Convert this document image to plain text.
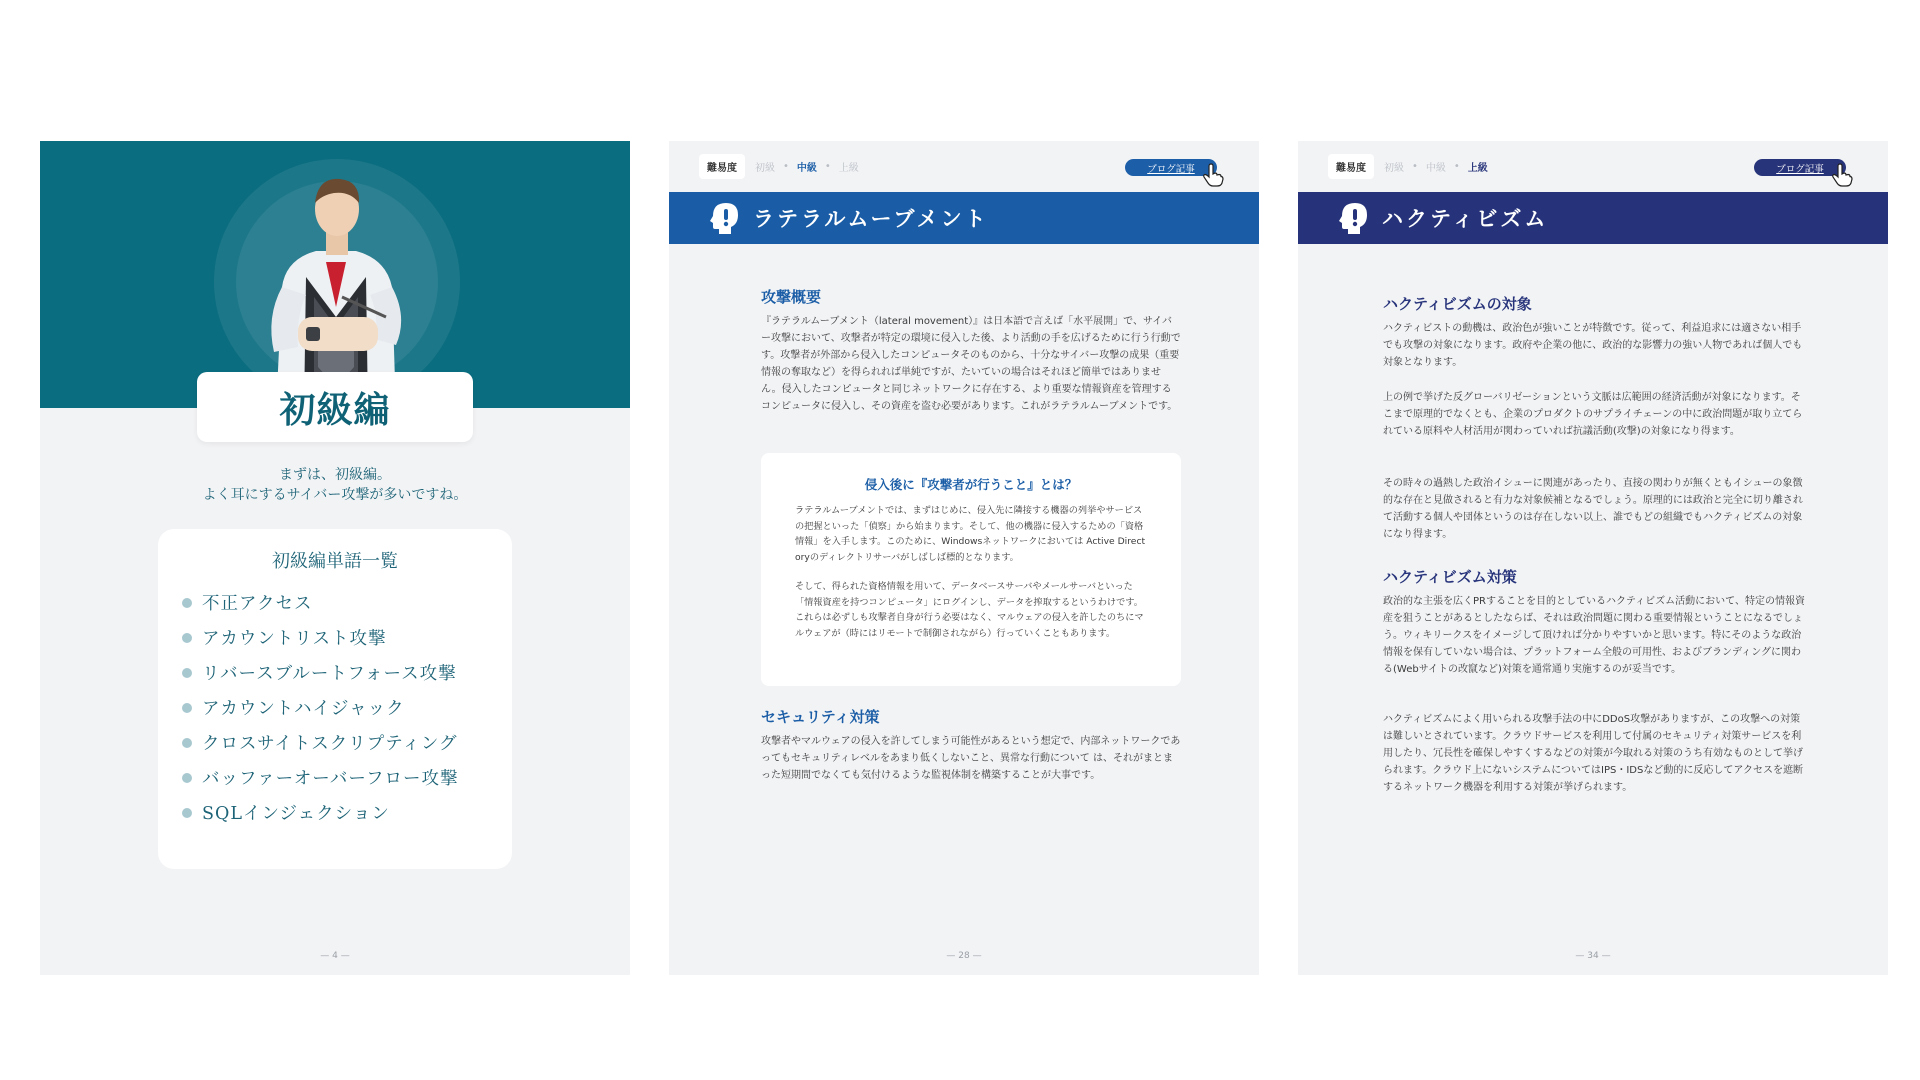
初級編
まずは、初級編。
よく耳にするサイバー攻撃が多いですね。
初級編単語一覧
不正アクセス
アカウントリスト攻撃
リバースブルートフォース攻撃
アカウントハイジャック
クロスサイトスクリプティング
バッファーオーバーフロー攻撃
SQLインジェクション
— 4 —
難易度	初級 • 中級 • 上級	ブログ記事
ラテラルムーブメント
攻撃概要

『ラテラルムーブメント（lateral movement）』は日本語で言えば「水平展開」で、サイバー攻撃において、攻撃者が特定の環境に侵入した後、より活動の手を広げるために行う行動です。攻撃者が外部から侵入したコンピュータそのものから、十分なサイバー攻撃の成果（重要情報の奪取など）を得られれば単純ですが、たいていの場合はそれほど簡単ではありません。侵入したコンピュータと同じネットワークに存在する、より重要な情報資産を管理するコンピュータに侵入し、その資産を盗む必要があります。これがラテラルムーブメントです。

侵入後に『攻撃者が行うこと』とは？

ラテラルムーブメントでは、まずはじめに、侵入先に隣接する機器の列挙やサービスの把握といった「偵察」から始まります。そして、他の機器に侵入するための「資格情報」を入手します。このために、Windowsネットワークにおいては Active Directoryのディレクトリサーバがしばしば標的となります。

そして、得られた資格情報を用いて、データベースサーバやメールサーバといった「情報資産を持つコンピュータ」にログインし、データを搾取するというわけです。これらは必ずしも攻撃者自身が行う必要はなく、マルウェアの侵入を許したのちにマルウェアが（時にはリモートで制御されながら）行っていくこともあります。

セキュリティ対策

攻撃者やマルウェアの侵入を許してしまう可能性があるという想定で、内部ネットワークであってもセキュリティレベルをあまり低くしないこと、異常な行動について は、それがまとまった短期間でなくても気付けるような監視体制を構築することが大事です。

— 28 —
難易度	初級 • 中級 • 上級	ブログ記事
ハクティビズム
ハクティビズムの対象

ハクティビストの動機は、政治色が強いことが特徴です。従って、利益追求には適さない相手でも攻撃の対象になります。政府や企業の他に、政治的な影響力の強い人物であれば個人でも対象となります。

上の例で挙げた反グローバリゼーションという文脈は広範囲の経済活動が対象になります。そこまで原理的でなくとも、企業のプロダクトのサプライチェーンの中に政治問題が取り立てられている原料や人材活用が関わっていれば抗議活動(攻撃)の対象になり得ます。

その時々の過熱した政治イシューに関連があったり、直接の関わりが無くともイシューの象徴的な存在と見做されると有力な対象候補となるでしょう。原理的には政治と完全に切り離されて活動する個人や団体というのは存在しない以上、誰でもどの組織でもハクティビズムの対象になり得ます。

ハクティビズム対策

政治的な主張を広くPRすることを目的としているハクティビズム活動において、特定の情報資産を狙うことがあるとしたならば、それは政治問題に関わる重要情報ということになるでしょう。ウィキリークスをイメージして頂ければ分かりやすいかと思います。特にそのような政治情報を保有していない場合は、プラットフォーム全般の可用性、およびブランディングに関わる(Webサイトの改竄など)対策を通常通り実施するのが妥当です。

ハクティビズムによく用いられる攻撃手法の中にDDoS攻撃がありますが、この攻撃への対策は難しいとされています。クラウドサービスを利用して付属のセキュリティ対策サービスを利用したり、冗長性を確保しやすくするなどの対策が今取れる対策のうち有効なものとして挙げられます。クラウド上にないシステムについてはIPS・IDSなど動的に反応してアクセスを遮断するネットワーク機器を利用する対策が挙げられます。

— 34 —
